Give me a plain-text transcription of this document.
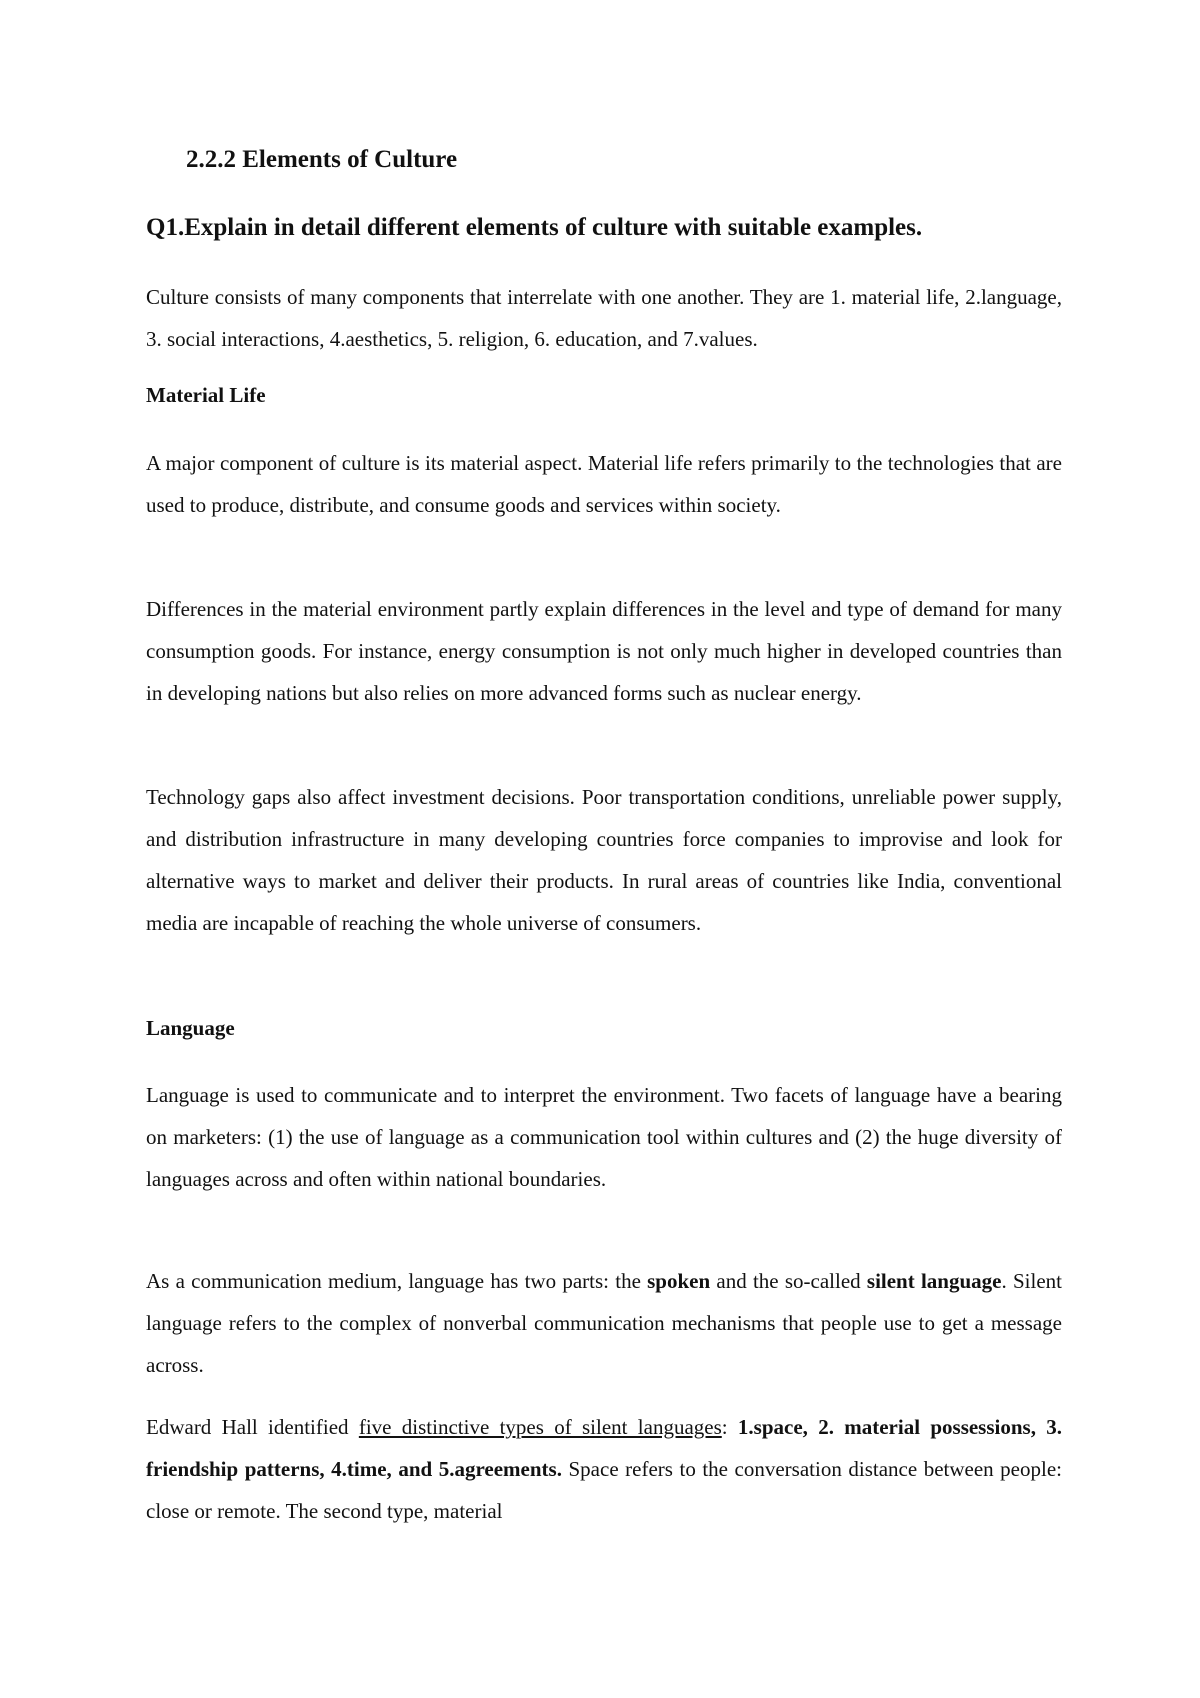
2.2.2 Elements of Culture
Q1.Explain in detail different elements of culture with suitable examples.

Culture consists of many components that interrelate with one another. They are 1. material life, 2.language, 3. social interactions, 4.aesthetics, 5. religion, 6. education, and 7.values.

Material Life

A major component of culture is its material aspect. Material life refers primarily to the technologies that are used to produce, distribute, and consume goods and services within society.

Differences in the material environment partly explain differences in the level and type of demand for many consumption goods. For instance, energy consumption is not only much higher in developed countries than in developing nations but also relies on more advanced forms such as nuclear energy.

Technology gaps also affect investment decisions. Poor transportation conditions, unreliable power supply, and distribution infrastructure in many developing countries force companies to improvise and look for alternative ways to market and deliver their products. In rural areas of countries like India, conventional media are incapable of reaching the whole universe of consumers.

Language

Language is used to communicate and to interpret the environment. Two facets of language have a bearing on marketers: (1) the use of language as a communication tool within cultures and (2) the huge diversity of languages across and often within national boundaries.

As a communication medium, language has two parts: the spoken and the so-called silent language. Silent language refers to the complex of nonverbal communication mechanisms that people use to get a message across.

Edward Hall identified five distinctive types of silent languages: 1.space, 2. material possessions, 3. friendship patterns, 4.time, and 5.agreements. Space refers to the conversation distance between people: close or remote. The second type, material
